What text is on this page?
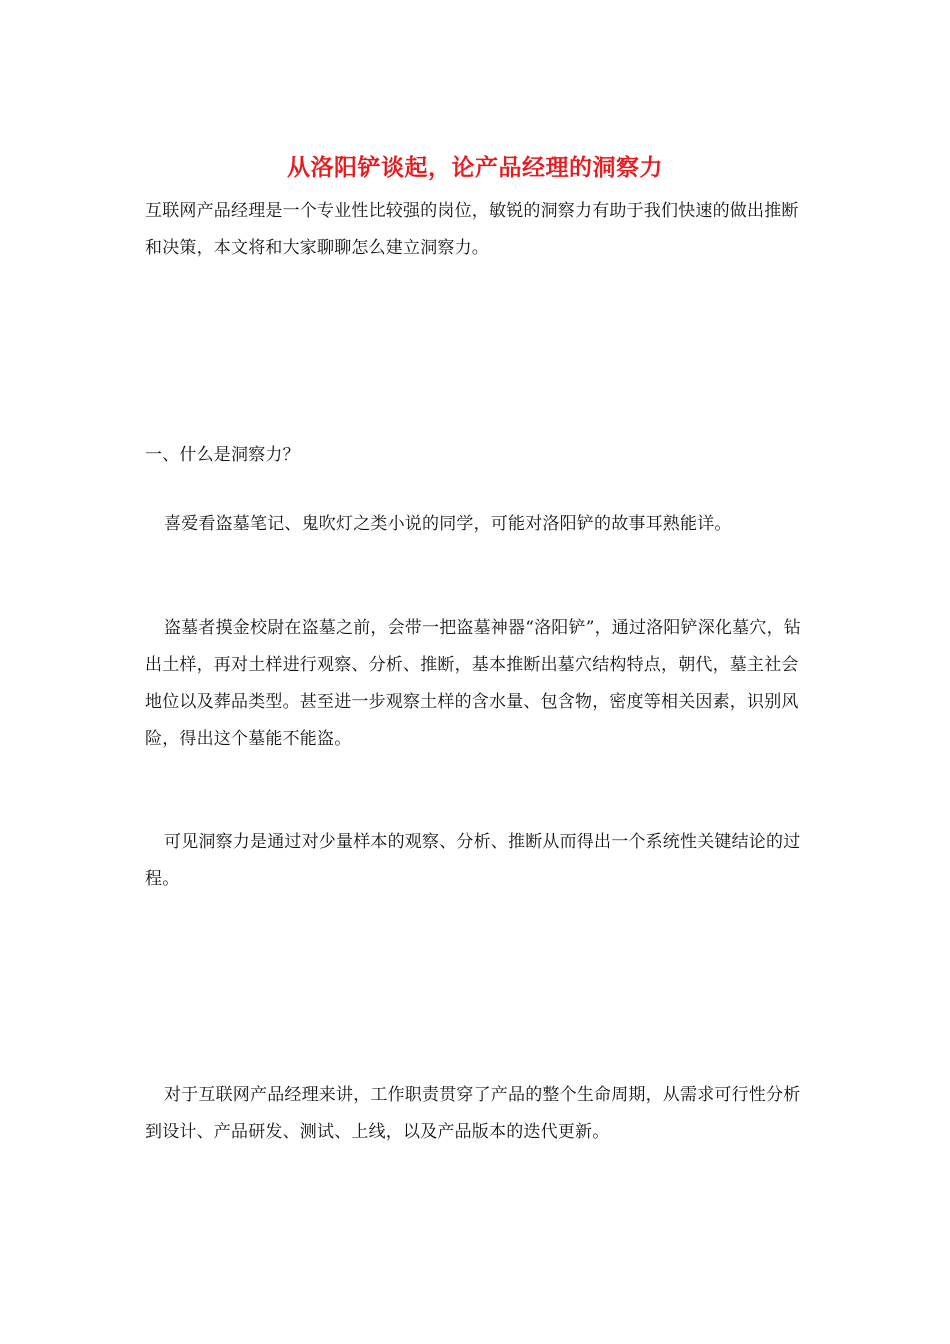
从洛阳铲谈起，论产品经理的洞察力

互联网产品经理是一个专业性比较强的岗位，敏锐的洞察力有助于我们快速的做出推断和决策，本文将和大家聊聊怎么建立洞察力。

一、什么是洞察力？

喜爱看盗墓笔记、鬼吹灯之类小说的同学，可能对洛阳铲的故事耳熟能详。

盗墓者摸金校尉在盗墓之前，会带一把盗墓神器“洛阳铲”，通过洛阳铲深化墓穴，钻出土样，再对土样进行观察、分析、推断，基本推断出墓穴结构特点，朝代，墓主社会地位以及葬品类型。甚至进一步观察土样的含水量、包含物，密度等相关因素，识别风险，得出这个墓能不能盗。

可见洞察力是通过对少量样本的观察、分析、推断从而得出一个系统性关键结论的过程。

对于互联网产品经理来讲，工作职责贯穿了产品的整个生命周期，从需求可行性分析到设计、产品研发、测试、上线，以及产品版本的迭代更新。
